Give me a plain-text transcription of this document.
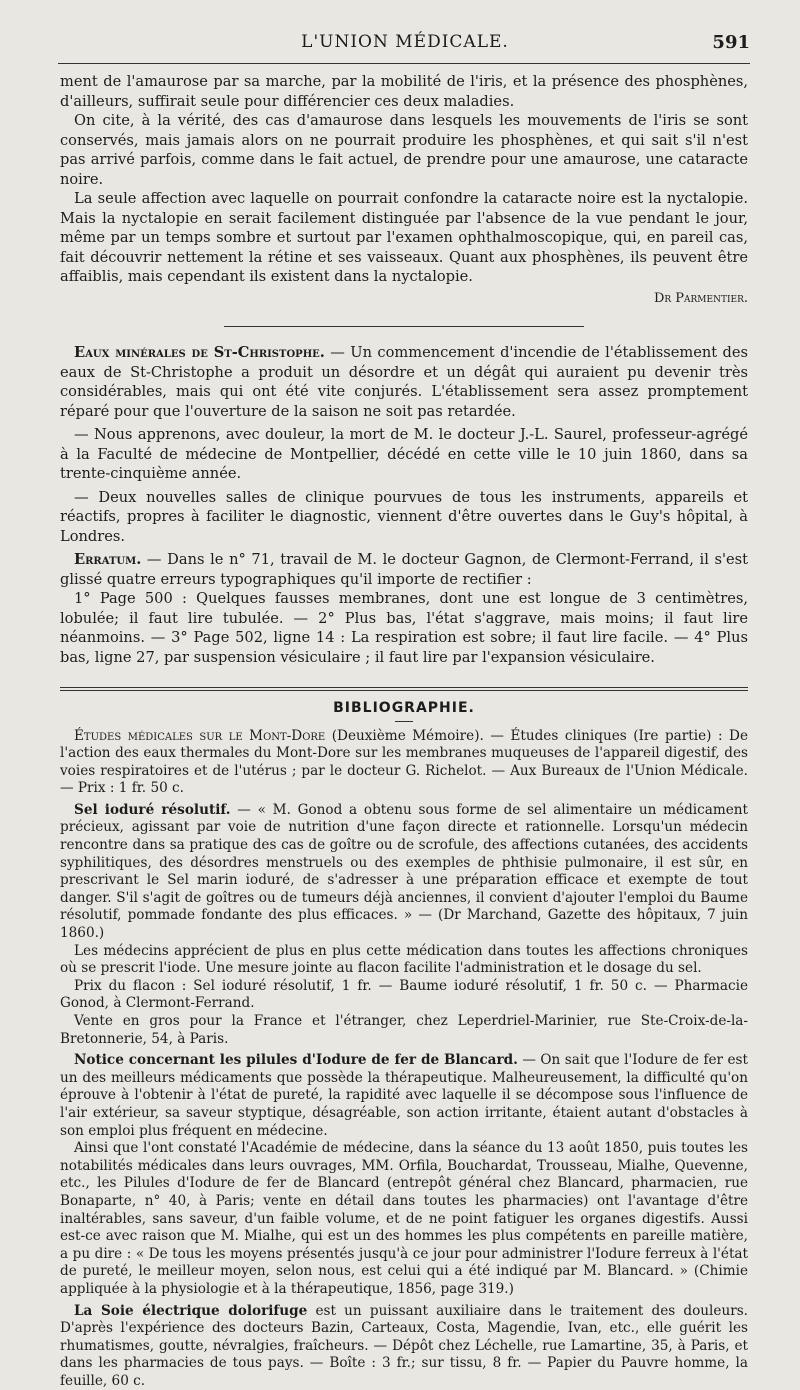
L'UNION MÉDICALE.	591

ment de l'amaurose par sa marche, par la mobilité de l'iris, et la présence des phosphènes, d'ailleurs, suffirait seule pour différencier ces deux maladies.

On cite, à la vérité, des cas d'amaurose dans lesquels les mouvements de l'iris se sont conservés, mais jamais alors on ne pourrait produire les phosphènes, et qui sait s'il n'est pas arrivé parfois, comme dans le fait actuel, de prendre pour une amaurose, une cataracte noire.

La seule affection avec laquelle on pourrait confondre la cataracte noire est la nyctalopie. Mais la nyctalopie en serait facilement distinguée par l'absence de la vue pendant le jour, même par un temps sombre et surtout par l'examen ophthalmoscopique, qui, en pareil cas, fait découvrir nettement la rétine et ses vaisseaux. Quant aux phosphènes, ils peuvent être affaiblis, mais cependant ils existent dans la nyctalopie.

Dr Parmentier.

Eaux minérales de St-Christophe. — Un commencement d'incendie de l'établissement des eaux de St-Christophe a produit un désordre et un dégât qui auraient pu devenir très considérables, mais qui ont été vite conjurés. L'établissement sera assez promptement réparé pour que l'ouverture de la saison ne soit pas retardée.

— Nous apprenons, avec douleur, la mort de M. le docteur J.-L. Saurel, professeur-agrégé à la Faculté de médecine de Montpellier, décédé en cette ville le 10 juin 1860, dans sa trente-cinquième année.

— Deux nouvelles salles de clinique pourvues de tous les instruments, appareils et réactifs, propres à faciliter le diagnostic, viennent d'être ouvertes dans le Guy's hôpital, à Londres.

Erratum. — Dans le n° 71, travail de M. le docteur Gagnon, de Clermont-Ferrand, il s'est glissé quatre erreurs typographiques qu'il importe de rectifier :

1° Page 500 : Quelques fausses membranes, dont une est longue de 3 centimètres, lobulée; il faut lire tubulée. — 2° Plus bas, l'état s'aggrave, mais moins; il faut lire néanmoins. — 3° Page 502, ligne 14 : La respiration est sobre; il faut lire facile. — 4° Plus bas, ligne 27, par suspension vésiculaire ; il faut lire par l'expansion vésiculaire.

BIBLIOGRAPHIE.

Études médicales sur le Mont-Dore (Deuxième Mémoire). — Études cliniques (Ire partie) : De l'action des eaux thermales du Mont-Dore sur les membranes muqueuses de l'appareil digestif, des voies respiratoires et de l'utérus ; par le docteur G. Richelot. — Aux Bureaux de l'Union Médicale. — Prix : 1 fr. 50 c.

Sel ioduré résolutif. — « M. Gonod a obtenu sous forme de sel alimentaire un médicament précieux, agissant par voie de nutrition d'une façon directe et rationnelle. Lorsqu'un médecin rencontre dans sa pratique des cas de goître ou de scrofule, des affections cutanées, des accidents syphilitiques, des désordres menstruels ou des exemples de phthisie pulmonaire, il est sûr, en prescrivant le Sel marin ioduré, de s'adresser à une préparation efficace et exempte de tout danger. S'il s'agit de goîtres ou de tumeurs déjà anciennes, il convient d'ajouter l'emploi du Baume résolutif, pommade fondante des plus efficaces. » — (Dr Marchand, Gazette des hôpitaux, 7 juin 1860.)

Les médecins apprécient de plus en plus cette médication dans toutes les affections chroniques où se prescrit l'iode. Une mesure jointe au flacon facilite l'administration et le dosage du sel.

Prix du flacon : Sel ioduré résolutif, 1 fr. — Baume ioduré résolutif, 1 fr. 50 c. — Pharmacie Gonod, à Clermont-Ferrand.

Vente en gros pour la France et l'étranger, chez Leperdriel-Marinier, rue Ste-Croix-de-la-Bretonnerie, 54, à Paris.

Notice concernant les pilules d'Iodure de fer de Blancard. — On sait que l'Iodure de fer est un des meilleurs médicaments que possède la thérapeutique. Malheureusement, la difficulté qu'on éprouve à l'obtenir à l'état de pureté, la rapidité avec laquelle il se décompose sous l'influence de l'air extérieur, sa saveur styptique, désagréable, son action irritante, étaient autant d'obstacles à son emploi plus fréquent en médecine.

Ainsi que l'ont constaté l'Académie de médecine, dans la séance du 13 août 1850, puis toutes les notabilités médicales dans leurs ouvrages, MM. Orfila, Bouchardat, Trousseau, Mialhe, Quevenne, etc., les Pilules d'Iodure de fer de Blancard (entrepôt général chez Blancard, pharmacien, rue Bonaparte, n° 40, à Paris; vente en détail dans toutes les pharmacies) ont l'avantage d'être inaltérables, sans saveur, d'un faible volume, et de ne point fatiguer les organes digestifs. Aussi est-ce avec raison que M. Mialhe, qui est un des hommes les plus compétents en pareille matière, a pu dire : « De tous les moyens présentés jusqu'à ce jour pour administrer l'Iodure ferreux à l'état de pureté, le meilleur moyen, selon nous, est celui qui a été indiqué par M. Blancard. » (Chimie appliquée à la physiologie et à la thérapeutique, 1856, page 319.)

La Soie électrique dolorifuge est un puissant auxiliaire dans le traitement des douleurs. D'après l'expérience des docteurs Bazin, Carteaux, Costa, Magendie, Ivan, etc., elle guérit les rhumatismes, goutte, névralgies, fraîcheurs. — Dépôt chez Léchelle, rue Lamartine, 35, à Paris, et dans les pharmacies de tous pays. — Boîte : 3 fr.; sur tissu, 8 fr. — Papier du Pauvre homme, la feuille, 60 c.
